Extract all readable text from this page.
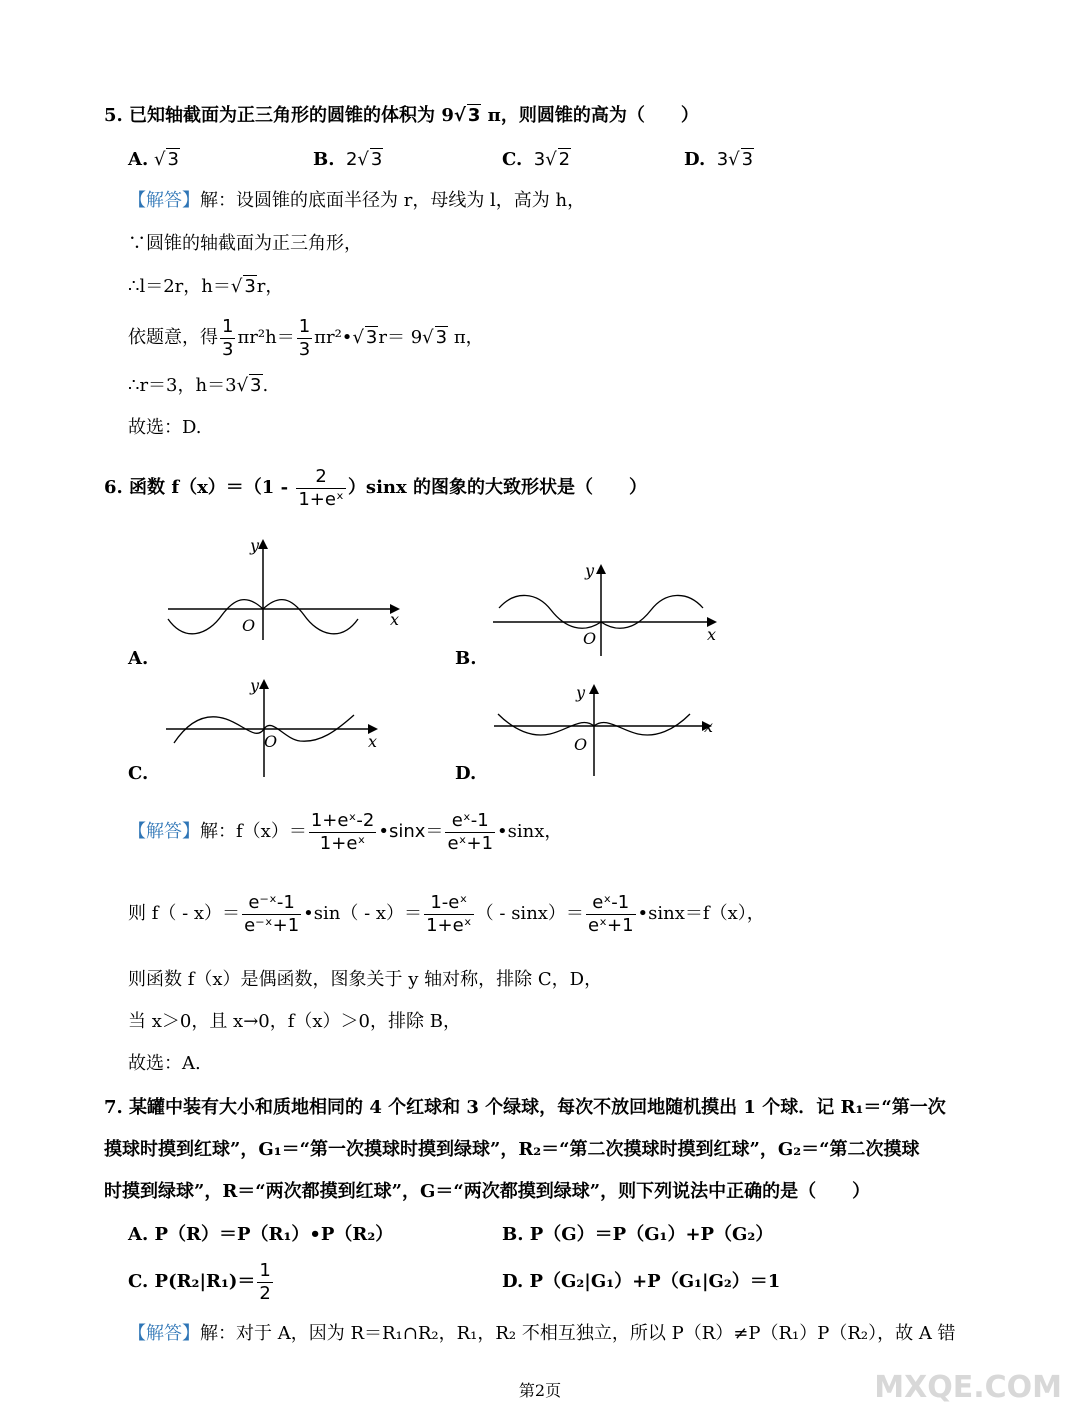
5. 已知轴截面为正三角形的圆锥的体积为 9√ 3 π，则圆锥的高为（　　）
A. √ 3	B. 2√ 3	C. 3√ 2	D. 3√ 3
【解答】解：设圆锥的底面半径为 r，母线为 l，高为 h，
∵圆锥的轴截面为正三角形，
∴l＝2r，h＝√ 3r，
依题意，得 $\frac{1}{3} \pi r^2h= \frac{1}{3}$ πr²•√ 3r＝ 9√ 3 π，
∴r＝3，h＝3√ 3.
故选：D.
6. 函数 $f(x)=(1 - \frac{2}{\text{1+eˣ}} )\sin x$ 的图象的大致形状是（　　）
y
x
O
A.
y
x
O
B.
y
x
O
C.
y
x
O
D.
【解答】解：$f(x)= \frac{\text{1+eˣ-2}}{\text{1+eˣ}}$ •sinx＝ $\frac{\text{eˣ-1}}{\text{eˣ+1}}$ •sinx，
则 $f( - x)= \frac{\text{e⁻ˣ-1}}{\text{e⁻ˣ+1}}$ •sin（ - $x)= \frac{\text{1-eˣ}}{\text{1+eˣ}}$ （ - $\sin x)= \frac{\text{eˣ-1}}{\text{eˣ+1}}$ •sinx＝f（x），
则函数 f（x）是偶函数，图象关于 y 轴对称，排除 C，D，
当 x＞0，且 x→0，f（x）＞0，排除 B，
故选：A.
7. 某罐中装有大小和质地相同的 4 个红球和 3 个绿球，每次不放回地随机摸出 1 个球．记 R₁＝“第一次
摸球时摸到红球”，G₁＝“第一次摸球时摸到绿球”，R₂＝“第二次摸球时摸到红球”，G₂＝“第二次摸球
时摸到绿球”，R＝“两次都摸到红球”，G＝“两次都摸到绿球”，则下列说法中正确的是（　　）
A. P（R）＝P（R₁）•P（R₂）	B. P（G）＝P（G₁）+P（G₂）
C. $P(R_2|R_1)= \frac{1}{2}$	D. P（G₂|G₁）+P（G₁|G₂）＝1
【解答】解：对于 A，因为 R＝R₁∩R₂，R₁，R₂ 不相互独立，所以 P（R）≠P（R₁）P（R₂），故 A 错
第2页	MXQE.COM
